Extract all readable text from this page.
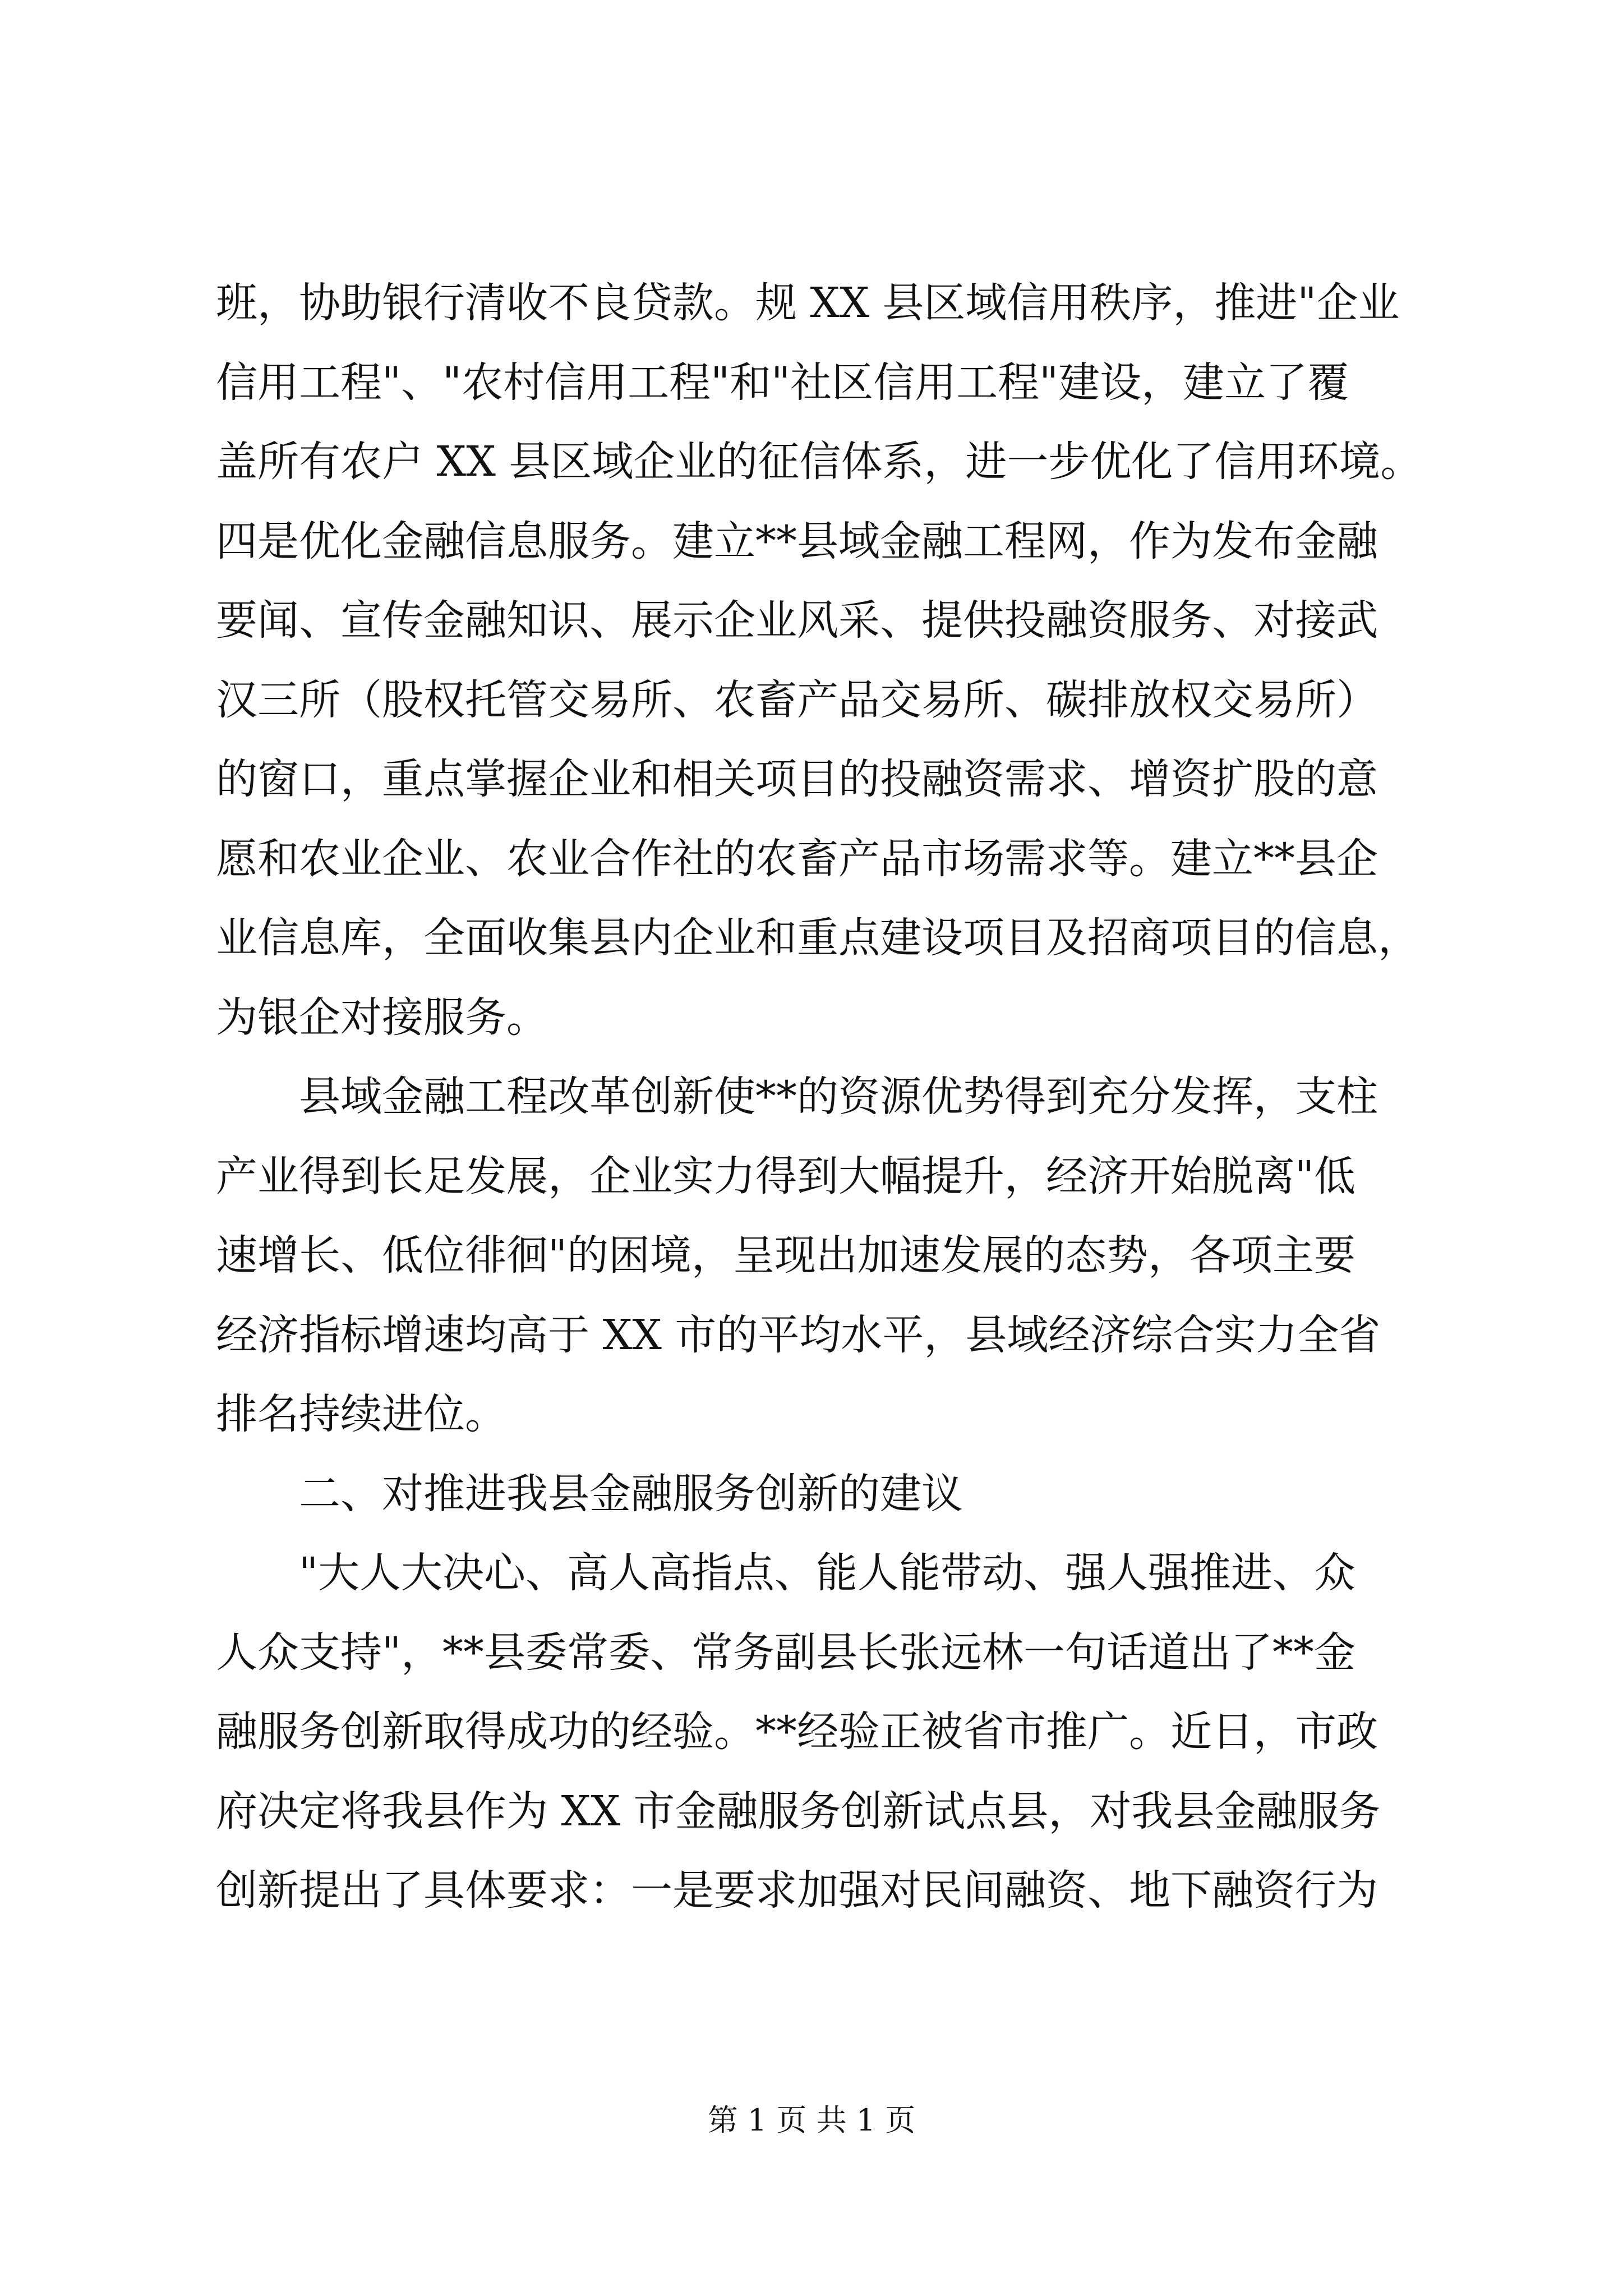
班，协助银行清收不良贷款。规 XX 县区域信用秩序，推进"企业
信用工程"、"农村信用工程"和"社区信用工程"建设，建立了覆
盖所有农户 XX 县区域企业的征信体系，进一步优化了信用环境。
四是优化金融信息服务。建立**县域金融工程网，作为发布金融
要闻、宣传金融知识、展示企业风采、提供投融资服务、对接武
汉三所（股权托管交易所、农畜产品交易所、碳排放权交易所）
的窗口，重点掌握企业和相关项目的投融资需求、增资扩股的意
愿和农业企业、农业合作社的农畜产品市场需求等。建立**县企
业信息库，全面收集县内企业和重点建设项目及招商项目的信息，
为银企对接服务。
　　县域金融工程改革创新使**的资源优势得到充分发挥，支柱
产业得到长足发展，企业实力得到大幅提升，经济开始脱离"低
速增长、低位徘徊"的困境，呈现出加速发展的态势，各项主要
经济指标增速均高于 XX 市的平均水平，县域经济综合实力全省
排名持续进位。
　　二、对推进我县金融服务创新的建议
　　"大人大决心、高人高指点、能人能带动、强人强推进、众
人众支持"，**县委常委、常务副县长张远林一句话道出了**金
融服务创新取得成功的经验。**经验正被省市推广。近日，市政
府决定将我县作为 XX 市金融服务创新试点县，对我县金融服务
创新提出了具体要求：一是要求加强对民间融资、地下融资行为
第 1 页 共 1 页
